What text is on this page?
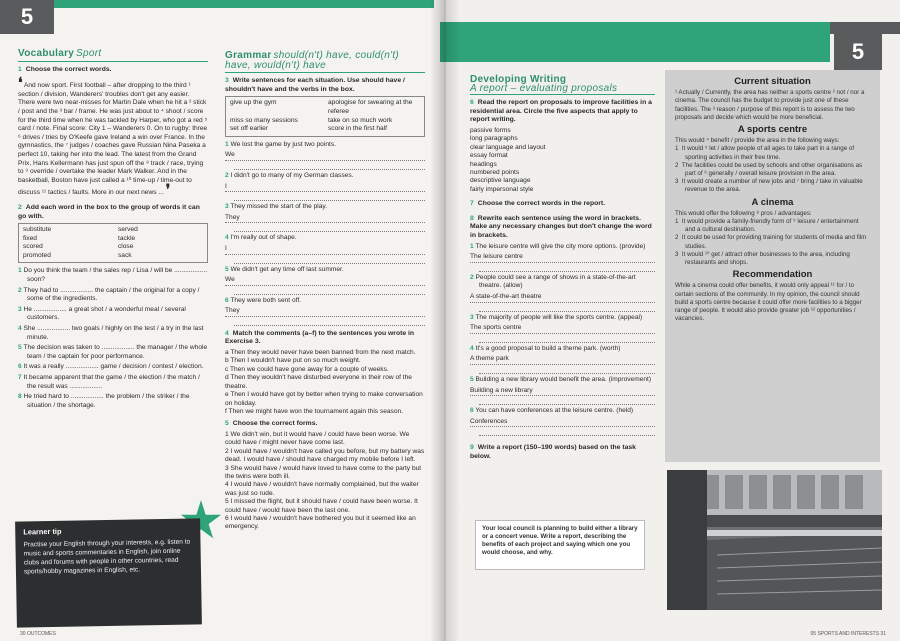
5
Vocabulary Sport
1 Choose the correct words.
❛ And now sport. First football – after dropping to the third ¹ section / division, Wanderers' troubles don't get any easier. There were two near-misses for Martin Dale when he hit a ² stick / post and the ³ bar / frame. He was just about to ⁴ shoot / score for the third time when he was tackled by Harper, who got a red ⁵ card / note. Final score: City 1 – Wanderers 0. On to rugby: three ⁶ drives / tries by O'Keefe gave Ireland a win over France. In the gymnastics, the ⁷ judges / coaches gave Russian Nina Paseka a perfect 10, taking her into the lead. The latest from the Grand Prix, Hans Kellermann has just spun off the ⁸ track / race, trying to ⁹ override / overtake the leader Mark Walker. And in the basketball, Boston have just called a ¹⁰ time-up / time-out to discuss ¹¹ tactics / faults. More in our next news ... ❜
2 Add each word in the box to the group of words it can go with.
substitute	served
fixed	tackle
scored	close
promoted	sack
1 Do you think the team / the sales rep / Lisa / will be .................. soon?
2 They had to .................. the captain / the original for a copy / some of the ingredients.
3 He .................. a great shot / a wonderful meal / several customers.
4 She .................. two goals / highly on the test / a try in the last minute.
5 The decision was taken to .................. the manager / the whole team / the captain for poor performance.
6 It was a really .................. game / decision / contest / election.
7 It became apparent that the game / the election / the match / the result was ..................
8 He tried hard to .................. the problem / the striker / the situation / the shortage.
Learner tip
Practise your English through your interests, e.g. listen to music and sports commentaries in English, join online clubs and forums with people in other countries, read sports/hobby magazines in English, etc.
Grammar should(n't) have, could(n't) have, would(n't) have
3 Write sentences for each situation. Use should have / shouldn't have and the verbs in the box.
give up the gym	apologise for swearing at the referee
miss so many sessions	take on so much work
set off earlier	score in the first half
1 We lost the game by just two points.
We
2 I didn't go to many of my German classes.
I
3 They missed the start of the play.
They
4 I'm really out of shape.
I
5 We didn't get any time off last summer.
We
6 They were both sent off.
They
4 Match the comments (a–f) to the sentences you wrote in Exercise 3.
a Then they would never have been banned from the next match.
b Then I wouldn't have put on so much weight.
c Then we could have gone away for a couple of weeks.
d Then they wouldn't have disturbed everyone in their row of the theatre.
e Then I would have got by better when trying to make conversation on holiday.
f Then we might have won the tournament again this season.
5 Choose the correct forms.
1 We didn't win, but it would have / could have been worse. We could have / might never have come last.
2 I would have / wouldn't have called you before, but my battery was dead. I would have / should have charged my mobile before I left.
3 She would have / would have loved to have come to the party but the twins were both ill.
4 I would have / wouldn't have normally complained, but the waiter was just so rude.
5 I missed the flight, but it should have / could have been worse. It could have / would have been the last one.
6 I would have / wouldn't have bothered you but it seemed like an emergency.
30 OUTCOMES
5
Developing Writing
A report – evaluating proposals
6 Read the report on proposals to improve facilities in a residential area. Circle the five aspects that apply to report writing.
passive forms
long paragraphs
clear language and layout
essay format
headings
numbered points
descriptive language
fairly impersonal style
7 Choose the correct words in the report.
8 Rewrite each sentence using the word in brackets. Make any necessary changes but don't change the word in brackets.
1 The leisure centre will give the city more options. (provide)
The leisure centre
2 People could see a range of shows in a state-of-the-art theatre. (allow)
A state-of-the-art theatre
3 The majority of people will like the sports centre. (appeal)
The sports centre
4 It's a good proposal to build a theme park. (worth)
A theme park
5 Building a new library would benefit the area. (improvement)
Building a new library
6 You can have conferences at the leisure centre. (held)
Conferences
9 Write a report (150–190 words) based on the task below.
Your local council is planning to build either a library or a concert venue. Write a report, describing the benefits of each project and saying which one you would choose, and why.
Current situation
¹ Actually / Currently, the area has neither a sports centre ² not / nor a cinema. The council has the budget to provide just one of these facilities. The ³ reason / purpose of this report is to assess the two proposals and decide which would be more beneficial.
A sports centre
This would ⁴ benefit / provide the area in the following ways:
1 It would ⁵ let / allow people of all ages to take part in a range of sporting activities in their free time.
2 The facilities could be used by schools and other organisations as part of ⁶ generally / overall leisure provision in the area.
3 It would create a number of new jobs and ⁷ bring / take in valuable revenue to the area.
A cinema
This would offer the following ⁸ pros / advantages:
1 It would provide a family-friendly form of ⁹ leisure / entertainment and a cultural destination.
2 It could be used for providing training for students of media and film studies.
3 It would ¹⁰ get / attract other businesses to the area, including restaurants and shops.
Recommendation
While a cinema could offer benefits, it would only appeal ¹¹ for / to certain sections of the community. In my opinion, the council should build a sports centre because it could offer more facilities to a bigger range of people. It would also provide greater job ¹² opportunities / vacancies.
05 SPORTS AND INTERESTS 31
